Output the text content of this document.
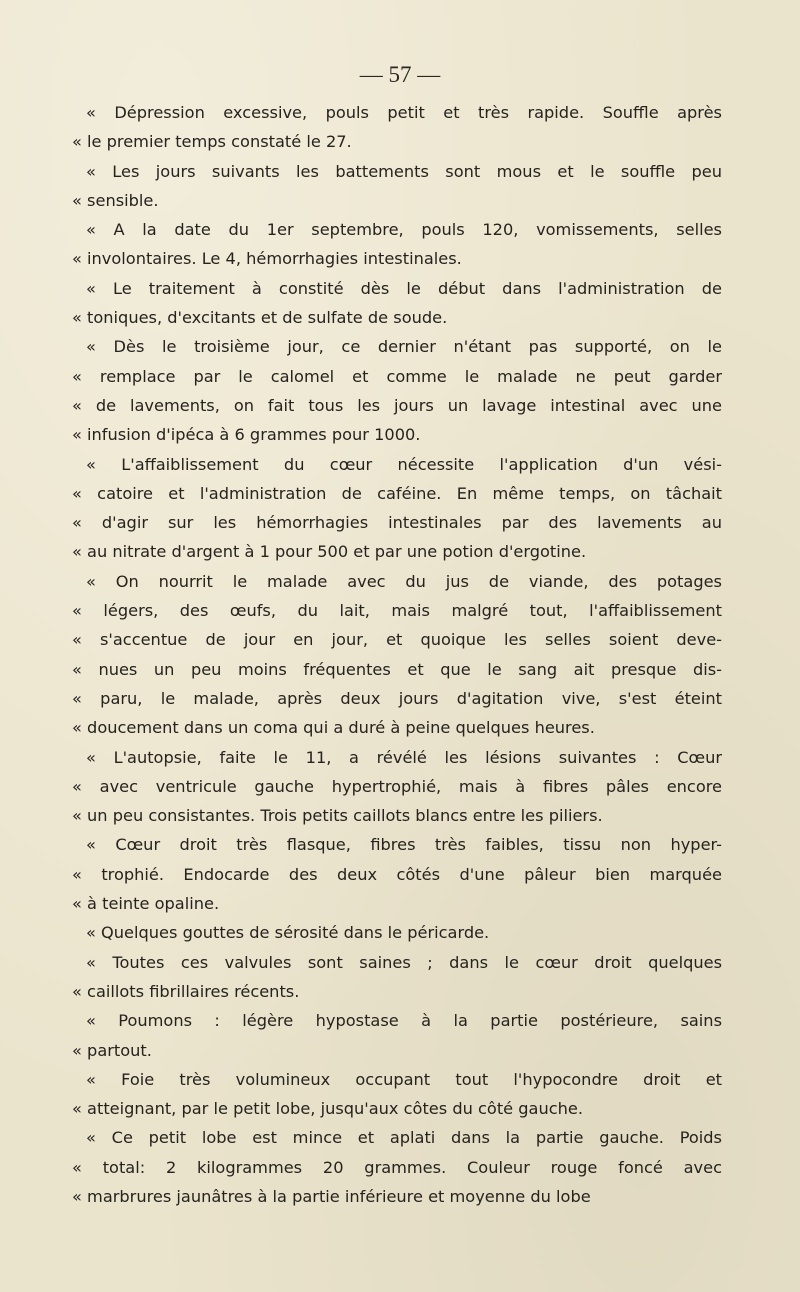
— 57 —
« Dépression excessive, pouls petit et très rapide. Souffle après
« le premier temps constaté le 27.
« Les jours suivants les battements sont mous et le souffle peu
« sensible.
« A la date du 1er septembre, pouls 120, vomissements, selles
« involontaires. Le 4, hémorrhagies intestinales.
« Le traitement à constité dès le début dans l'administration de
« toniques, d'excitants et de sulfate de soude.
« Dès le troisième jour, ce dernier n'étant pas supporté, on le
« remplace par le calomel et comme le malade ne peut garder
« de lavements, on fait tous les jours un lavage intestinal avec une
« infusion d'ipéca à 6 grammes pour 1000.
« L'affaiblissement du cœur nécessite l'application d'un vési-
« catoire et l'administration de caféine. En même temps, on tâchait
« d'agir sur les hémorrhagies intestinales par des lavements au
« au nitrate d'argent à 1 pour 500 et par une potion d'ergotine.
« On nourrit le malade avec du jus de viande, des potages
« légers, des œufs, du lait, mais malgré tout, l'affaiblissement
« s'accentue de jour en jour, et quoique les selles soient deve-
« nues un peu moins fréquentes et que le sang ait presque dis-
« paru, le malade, après deux jours d'agitation vive, s'est éteint
« doucement dans un coma qui a duré à peine quelques heures.
« L'autopsie, faite le 11, a révélé les lésions suivantes : Cœur
« avec ventricule gauche hypertrophié, mais à fibres pâles encore
« un peu consistantes. Trois petits caillots blancs entre les piliers.
« Cœur droit très flasque, fibres très faibles, tissu non hyper-
« trophié. Endocarde des deux côtés d'une pâleur bien marquée
« à teinte opaline.
« Quelques gouttes de sérosité dans le péricarde.
« Toutes ces valvules sont saines ; dans le cœur droit quelques
« caillots fibrillaires récents.
« Poumons : légère hypostase à la partie postérieure, sains
« partout.
« Foie très volumineux occupant tout l'hypocondre droit et
« atteignant, par le petit lobe, jusqu'aux côtes du côté gauche.
« Ce petit lobe est mince et aplati dans la partie gauche. Poids
« total: 2 kilogrammes 20 grammes. Couleur rouge foncé avec
« marbrures jaunâtres à la partie inférieure et moyenne du lobe
